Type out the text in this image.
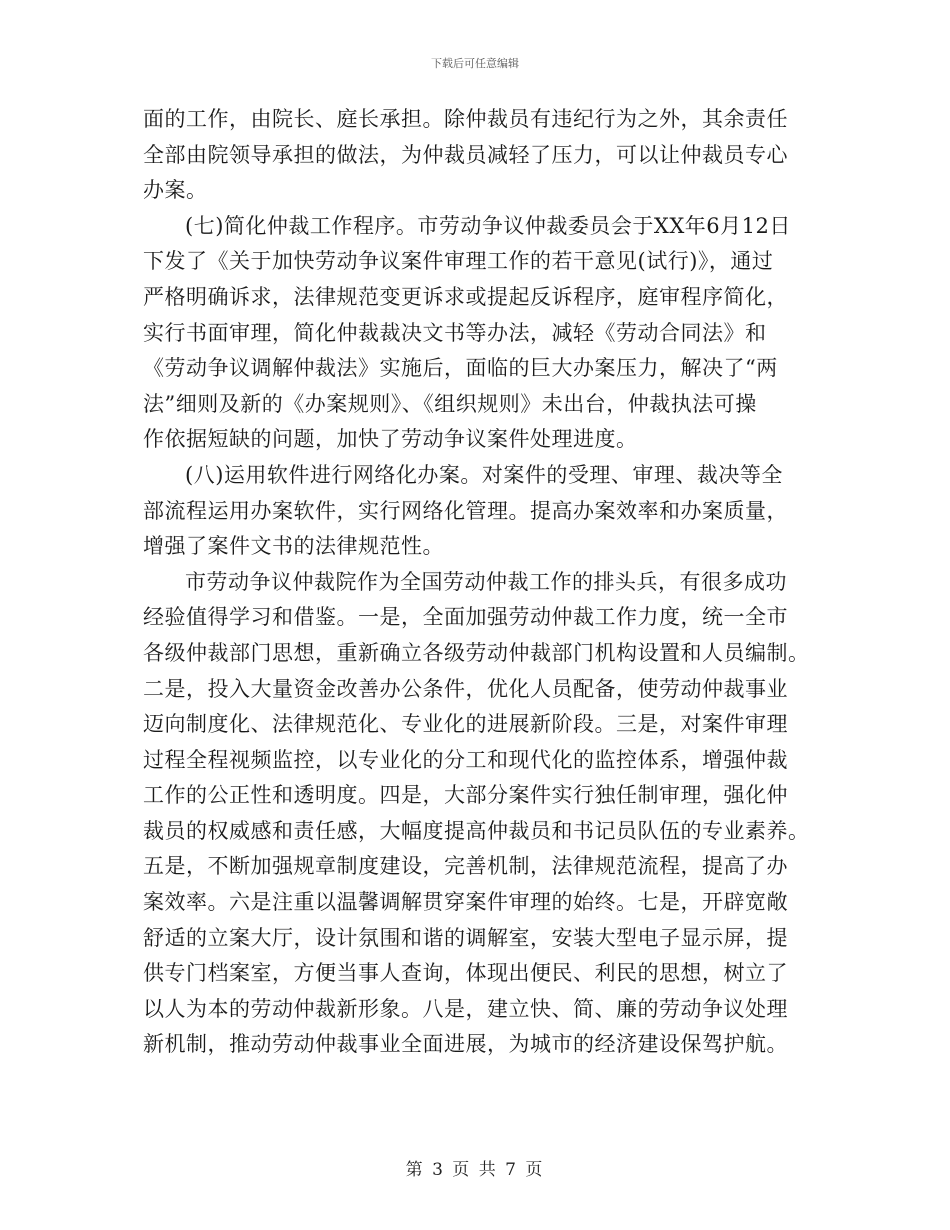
下载后可任意编辑
面的工作，由院长、庭长承担。除仲裁员有违纪行为之外，其余责任
全部由院领导承担的做法，为仲裁员减轻了压力，可以让仲裁员专心
办案。
(七)简化仲裁工作程序。市劳动争议仲裁委员会于XX年6月12日
下发了《关于加快劳动争议案件审理工作的若干意见(试行)》，通过
严格明确诉求，法律规范变更诉求或提起反诉程序，庭审程序简化，
实行书面审理，简化仲裁裁决文书等办法，减轻《劳动合同法》和
《劳动争议调解仲裁法》实施后，面临的巨大办案压力，解决了“两
法”细则及新的《办案规则》、《组织规则》未出台，仲裁执法可操
作依据短缺的问题，加快了劳动争议案件处理进度。
(八)运用软件进行网络化办案。对案件的受理、审理、裁决等全
部流程运用办案软件，实行网络化管理。提高办案效率和办案质量，
增强了案件文书的法律规范性。
市劳动争议仲裁院作为全国劳动仲裁工作的排头兵，有很多成功
经验值得学习和借鉴。一是，全面加强劳动仲裁工作力度，统一全市
各级仲裁部门思想，重新确立各级劳动仲裁部门机构设置和人员编制。
二是，投入大量资金改善办公条件，优化人员配备，使劳动仲裁事业
迈向制度化、法律规范化、专业化的进展新阶段。三是，对案件审理
过程全程视频监控，以专业化的分工和现代化的监控体系，增强仲裁
工作的公正性和透明度。四是，大部分案件实行独任制审理，强化仲
裁员的权威感和责任感，大幅度提高仲裁员和书记员队伍的专业素养。
五是，不断加强规章制度建设，完善机制，法律规范流程，提高了办
案效率。六是注重以温馨调解贯穿案件审理的始终。七是，开辟宽敞
舒适的立案大厅，设计氛围和谐的调解室，安装大型电子显示屏，提
供专门档案室，方便当事人查询，体现出便民、利民的思想，树立了
以人为本的劳动仲裁新形象。八是，建立快、简、廉的劳动争议处理
新机制，推动劳动仲裁事业全面进展，为城市的经济建设保驾护航。
第 3 页 共 7 页
